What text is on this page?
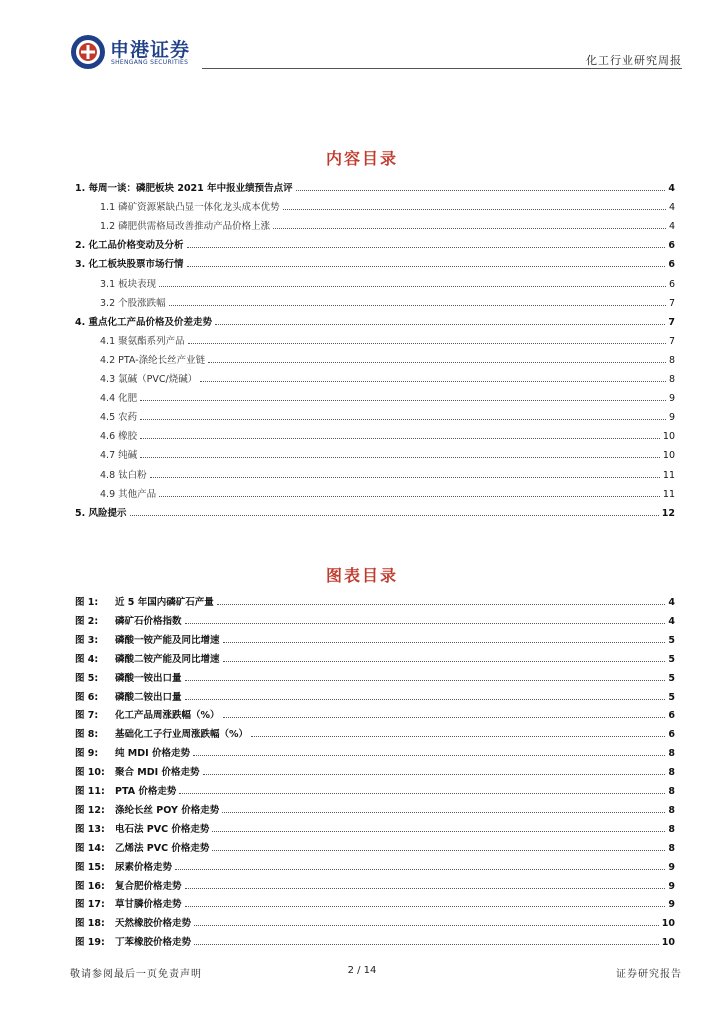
申港证券
SHENGANG SECURITIES	化工行业研究周报
内容目录
1. 每周一谈：磷肥板块 2021 年中报业绩预告点评	4
1.1 磷矿资源紧缺凸显一体化龙头成本优势	4
1.2 磷肥供需格局改善推动产品价格上涨	4
2. 化工品价格变动及分析	6
3. 化工板块股票市场行情	6
3.1 板块表现	6
3.2 个股涨跌幅	7
4. 重点化工产品价格及价差走势	7
4.1 聚氨酯系列产品	7
4.2 PTA-涤纶长丝产业链	8
4.3 氯碱（PVC/烧碱）	8
4.4 化肥	9
4.5 农药	9
4.6 橡胶	10
4.7 纯碱	10
4.8 钛白粉	11
4.9 其他产品	11
5. 风险提示	12
图表目录
图 1: 近 5 年国内磷矿石产量	4
图 2: 磷矿石价格指数	4
图 3: 磷酸一铵产能及同比增速	5
图 4: 磷酸二铵产能及同比增速	5
图 5: 磷酸一铵出口量	5
图 6: 磷酸二铵出口量	5
图 7: 化工产品周涨跌幅（%）	6
图 8: 基础化工子行业周涨跌幅（%）	6
图 9: 纯 MDI 价格走势	8
图 10: 聚合 MDI 价格走势	8
图 11: PTA 价格走势	8
图 12: 涤纶长丝 POY 价格走势	8
图 13: 电石法 PVC 价格走势	8
图 14: 乙烯法 PVC 价格走势	8
图 15: 尿素价格走势	9
图 16: 复合肥价格走势	9
图 17: 草甘膦价格走势	9
图 18: 天然橡胶价格走势	10
图 19: 丁苯橡胶价格走势	10
敬请参阅最后一页免责声明	2 / 14	证券研究报告
